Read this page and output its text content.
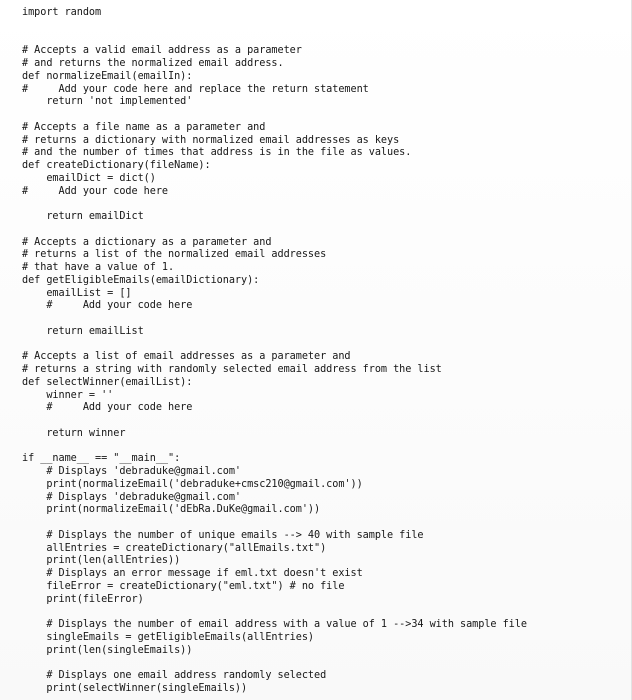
import random
# Accepts a valid email address as a parameter
# and returns the normalized email address.
def normalizeEmail(emailIn):
#     Add your code here and replace the return statement
return 'not implemented'
# Accepts a file name as a parameter and
# returns a dictionary with normalized email addresses as keys
# and the number of times that address is in the file as values.
def createDictionary(fileName):
emailDict = dict()
#     Add your code here
return emailDict
# Accepts a dictionary as a parameter and
# returns a list of the normalized email addresses
# that have a value of 1.
def getEligibleEmails(emailDictionary):
emailList = []
#     Add your code here
return emailList
# Accepts a list of email addresses as a parameter and
# returns a string with randomly selected email address from the list
def selectWinner(emailList):
winner = ''
#     Add your code here
return winner
if __name__ == "__main__":
# Displays 'debraduke@gmail.com'
print(normalizeEmail('debraduke+cmsc210@gmail.com'))
# Displays 'debraduke@gmail.com'
print(normalizeEmail('dEbRa.DuKe@gmail.com'))
# Displays the number of unique emails --> 40 with sample file
allEntries = createDictionary("allEmails.txt")
print(len(allEntries))
# Displays an error message if eml.txt doesn't exist
fileError = createDictionary("eml.txt") # no file
print(fileError)
# Displays the number of email address with a value of 1 -->34 with sample file
singleEmails = getEligibleEmails(allEntries)
print(len(singleEmails))
# Displays one email address randomly selected
print(selectWinner(singleEmails))
